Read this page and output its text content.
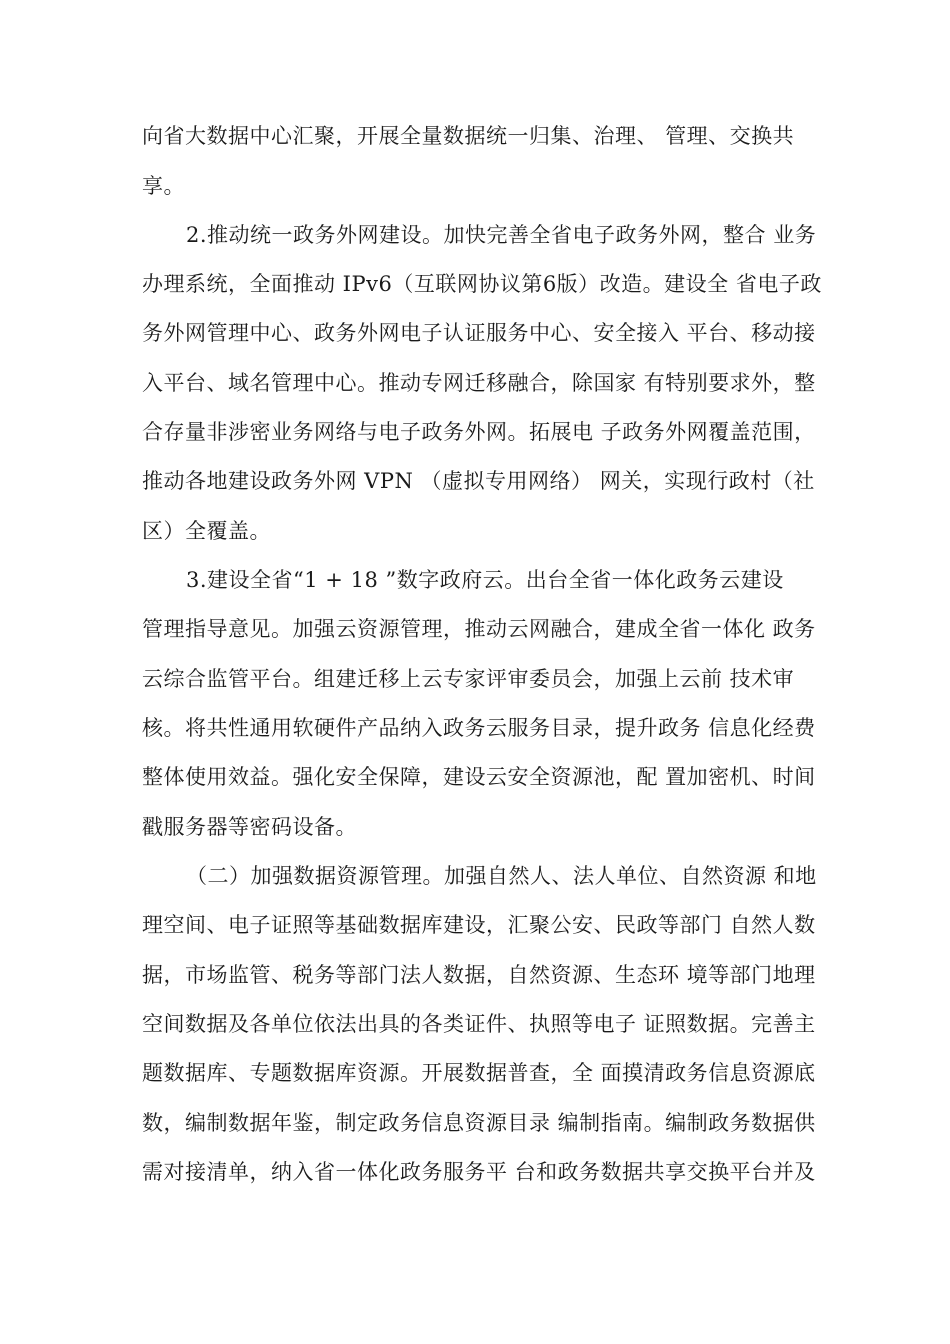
向省大数据中心汇聚，开展全量数据统一归集、治理、 管理、交换共
享。
2.推动统一政务外网建设。加快完善全省电子政务外网，整合 业务
办理系统，全面推动 IPv6（互联网协议第6版）改造。建设全 省电子政
务外网管理中心、政务外网电子认证服务中心、安全接入 平台、移动接
入平台、域名管理中心。推动专网迁移融合，除国家 有特别要求外，整
合存量非涉密业务网络与电子政务外网。拓展电 子政务外网覆盖范围，
推动各地建设政务外网 VPN （虚拟专用网络） 网关，实现行政村（社
区）全覆盖。
3.建设全省“1 + 18 ”数字政府云。出台全省一体化政务云建设
管理指导意见。加强云资源管理，推动云网融合，建成全省一体化 政务
云综合监管平台。组建迁移上云专家评审委员会，加强上云前 技术审
核。将共性通用软硬件产品纳入政务云服务目录，提升政务 信息化经费
整体使用效益。强化安全保障，建设云安全资源池，配 置加密机、时间
戳服务器等密码设备。
（二）加强数据资源管理。加强自然人、法人单位、自然资源 和地
理空间、电子证照等基础数据库建设，汇聚公安、民政等部门 自然人数
据，市场监管、税务等部门法人数据，自然资源、生态环 境等部门地理
空间数据及各单位依法出具的各类证件、执照等电子 证照数据。完善主
题数据库、专题数据库资源。开展数据普查，全 面摸清政务信息资源底
数，编制数据年鉴，制定政务信息资源目录 编制指南。编制政务数据供
需对接清单，纳入省一体化政务服务平 台和政务数据共享交换平台并及
